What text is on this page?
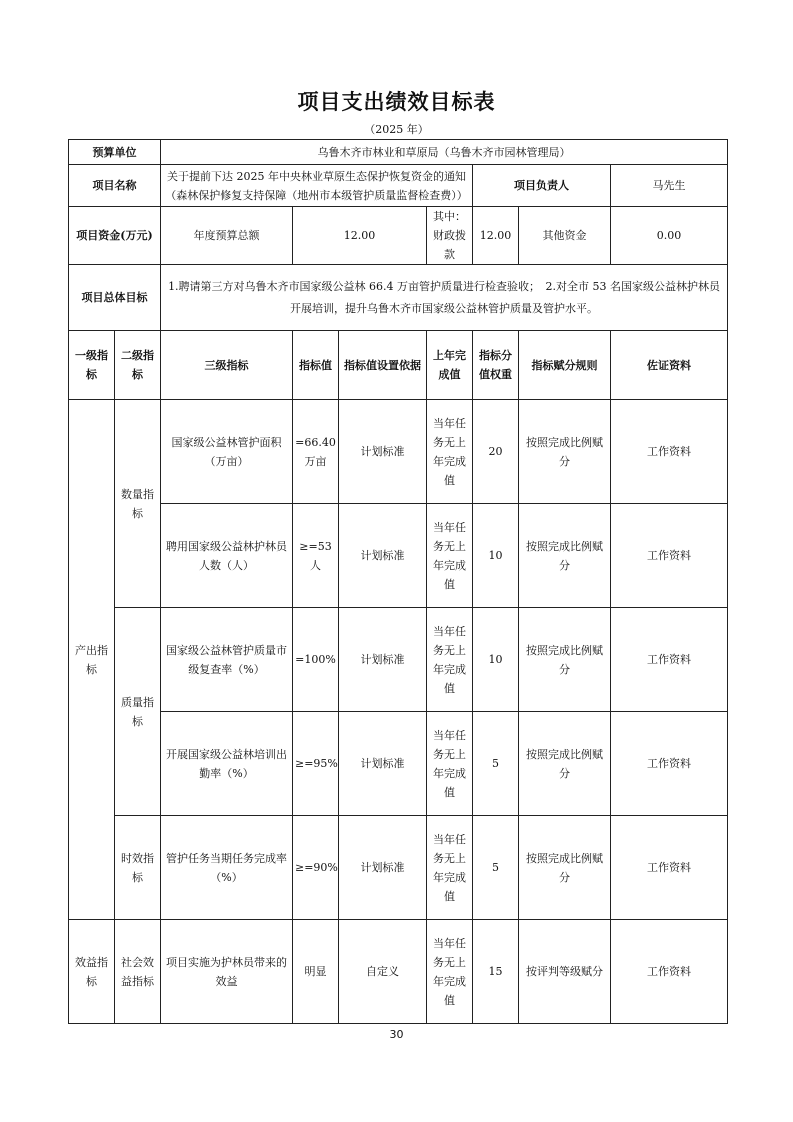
项目支出绩效目标表
（2025 年）
预算单位		乌鲁木齐市林业和草原局（乌鲁木齐市园林管理局）						
项目名称		关于提前下达 2025 年中央林业草原生态保护恢复资金的通知（森林保护修复支持保障（地州市本级管护质量监督检查费））				项目负责人		马先生
项目资金(万元)		年度预算总额	12.00		其中：财政拨款	12.00	其他资金	0.00
项目总体目标		1.聘请第三方对乌鲁木齐市国家级公益林 66.4 万亩管护质量进行检查验收；　2.对全市 53 名国家级公益林护林员开展培训，提升乌鲁木齐市国家级公益林管护质量及管护水平。						
一级指标	二级指标	三级指标	指标值	指标值设置依据	上年完成值	指标分值权重	指标赋分规则	佐证资料
产出指标	数量指标	国家级公益林管护面积（万亩）	=66.40 万亩	计划标准	当年任务无上年完成值	20	按照完成比例赋分	工作资料
		聘用国家级公益林护林员人数（人）	≥=53人	计划标准	当年任务无上年完成值	10	按照完成比例赋分	工作资料
	质量指标	国家级公益林管护质量市级复查率（%）	=100%	计划标准	当年任务无上年完成值	10	按照完成比例赋分	工作资料
		开展国家级公益林培训出勤率（%）	≥=95%	计划标准	当年任务无上年完成值	5	按照完成比例赋分	工作资料
	时效指标	管护任务当期任务完成率（%）	≥=90%	计划标准	当年任务无上年完成值	5	按照完成比例赋分	工作资料
效益指标	社会效益指标	项目实施为护林员带来的效益	明显	自定义	当年任务无上年完成值	15	按评判等级赋分	工作资料
30
